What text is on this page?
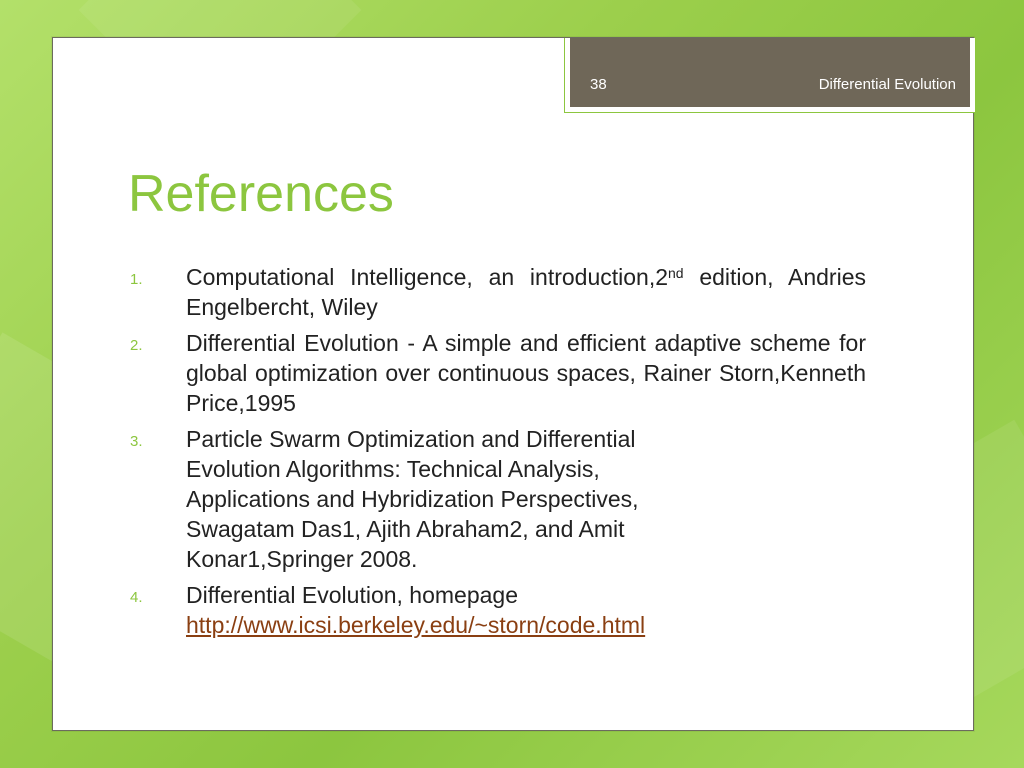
38	Differential Evolution
References
1.	Computational Intelligence, an introduction,2nd edition, Andries Engelbercht, Wiley
2.	Differential Evolution - A simple and efficient adaptive scheme for global optimization over continuous spaces, Rainer Storn,Kenneth Price,1995
3.	Particle Swarm Optimization and Differential
Evolution Algorithms: Technical Analysis,
Applications and Hybridization Perspectives,
Swagatam Das1, Ajith Abraham2, and Amit
Konar1,Springer 2008.
4.	Differential Evolution, homepage
http://www.icsi.berkeley.edu/~storn/code.html
